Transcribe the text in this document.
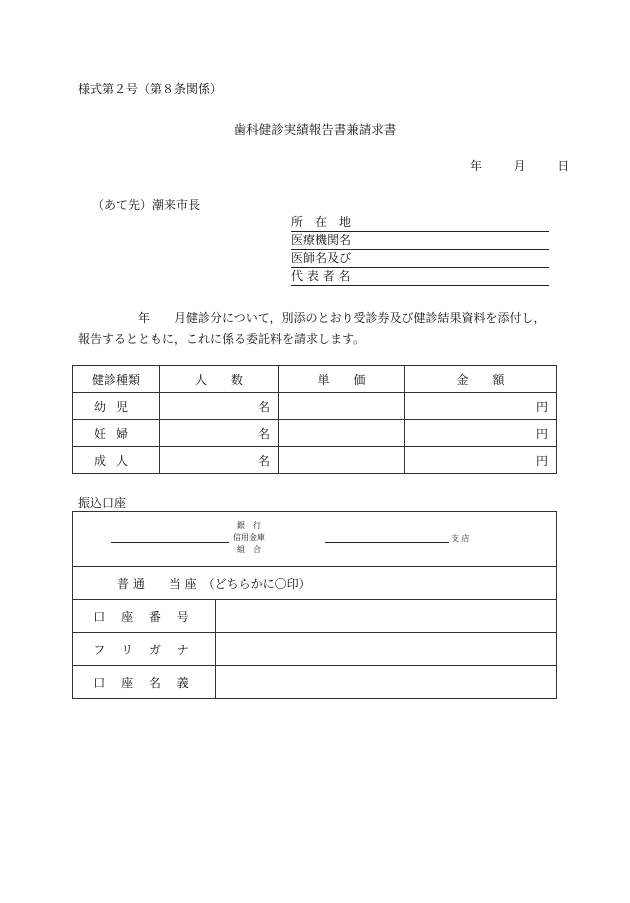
様式第２号（第８条関係）
歯科健診実績報告書兼請求書
年	月	日
（あて先）潮来市長
所　在　地
医療機関名
医師名及び
代 表 者 名
　　　　　年　　月健診分について，別添のとおり受診券及び健診結果資料を添付し，報告するとともに，これに係る委託料を請求します。
健診種類	人　　数	単　　価	金　　額
幼児	名		円
妊婦	名		円
成人	名		円
振込口座
銀　行
信用金庫
組　合
支 店	

普 通　　当 座　（どちらかに〇印）	
口 座 番 号	
フ リ ガ ナ	
口 座 名 義	
